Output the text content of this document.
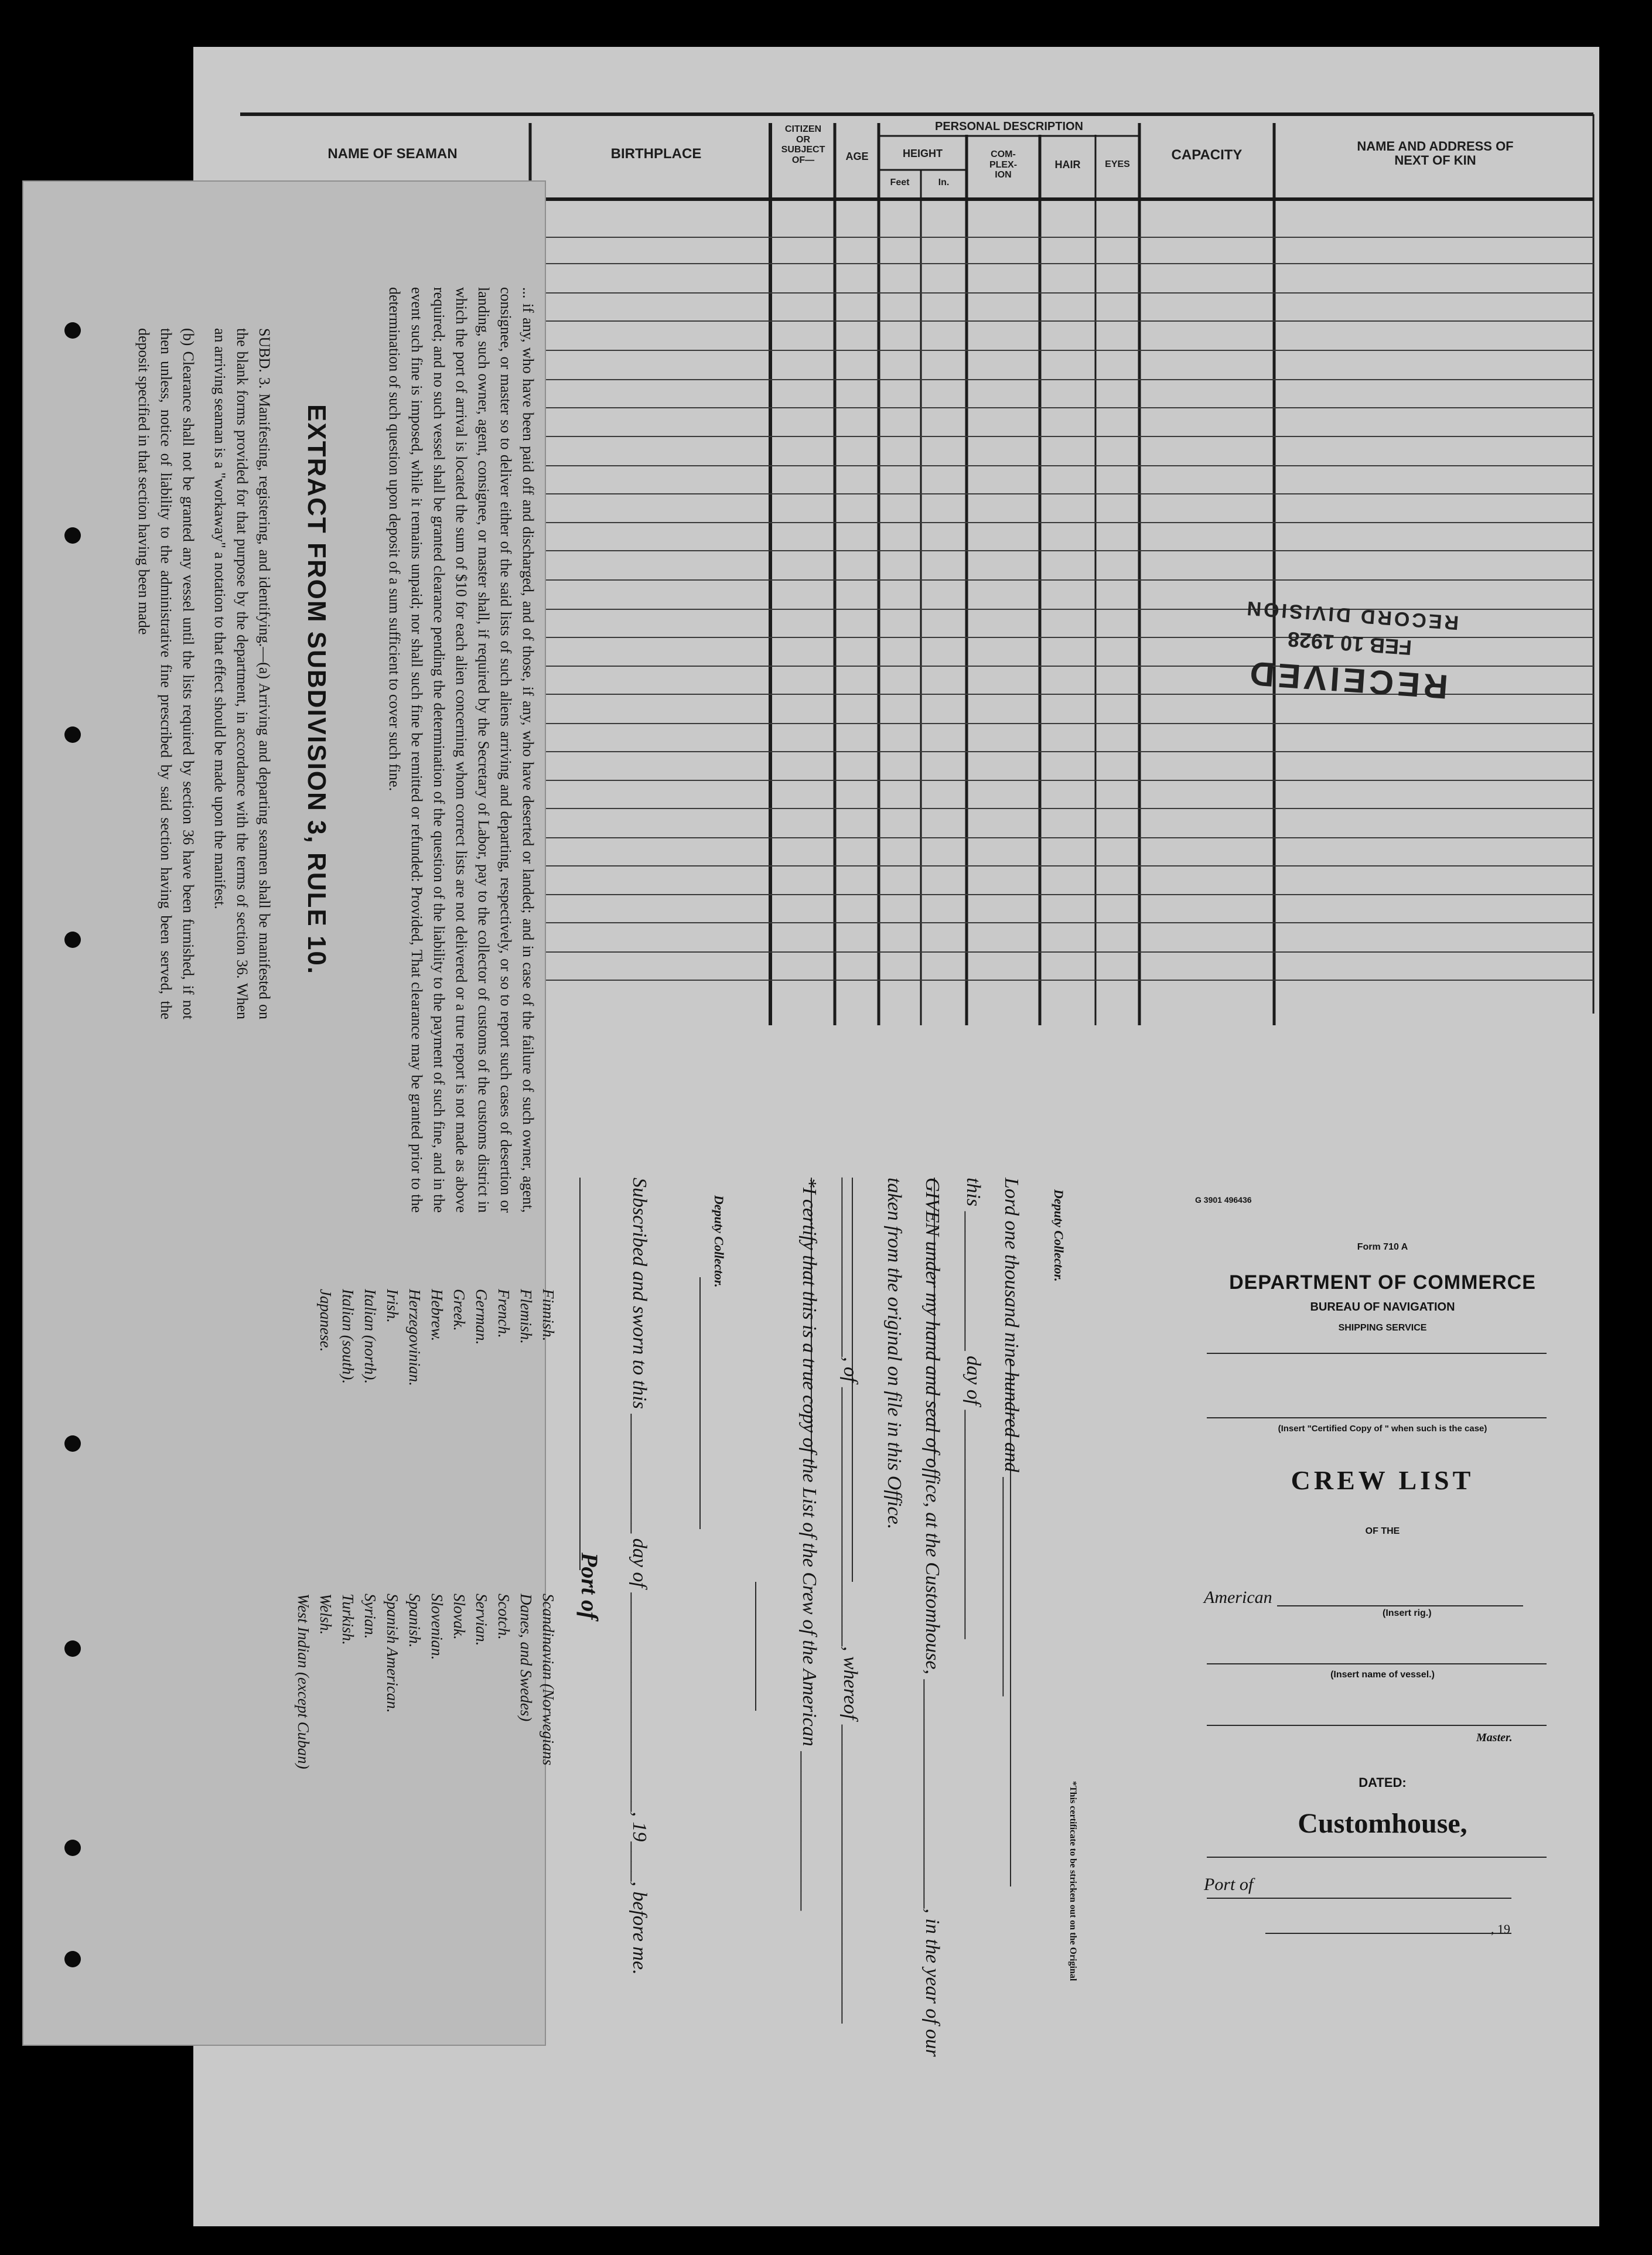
NAME OF SEAMAN	BIRTHPLACE
CITIZEN
OR
SUBJECT
OF—	AGE
PERSONAL DESCRIPTION
HEIGHT
Feet	In.
COM-
PLEX-
ION
HAIR	EYES
CAPACITY
NAME AND ADDRESS OF
NEXT OF KIN
RECEIVED
FEB 10 1928
RECORD DIVISION
EXTRACT FROM SUBDIVISION 3, RULE 10.
SUBD. 3. Manifesting, registering, and identifying.—(a) Arriving and departing seamen shall be manifested on the blank forms provided for that purpose by the department, in accordance with the terms of section 36. When an arriving seaman is a "workaway" a notation to that effect should be made upon the manifest.
(b) Clearance shall not be granted any vessel until the lists required by section 36 have been furnished, if not then unless, notice of liability to the administrative fine prescribed by said section having been served, the deposit specified in that section having been made	... if any, who have been paid off and discharged, and of those, if any, who have deserted or landed; and in case of the failure of such owner, agent, consignee, or master so to deliver either of the said lists of such aliens arriving and departing, respectively, or so to report such cases of desertion or landing, such owner, agent, consignee, or master shall, if required by the Secretary of Labor, pay to the collector of customs of the customs district in which the port of arrival is located the sum of $10 for each alien concerning whom correct lists are not delivered or a true report is not made as above required; and no such vessel shall be granted clearance pending the determination of the question of the liability to the payment of such fine, and in the event such fine is imposed, while it remains unpaid; nor shall such fine be remitted or refunded: Provided, That clearance may be granted prior to the determination of such question upon deposit of a sum sufficient to cover such fine.
Finnish.
Flemish.
French.
German.
Greek.
Hebrew.
Herzegovinian.
Irish.
Italian (north).
Italian (south).
Japanese.
Scandinavian (Norwegians
Danes, and Swedes)
Scotch.
Servian.
Slovak.
Slovenian.
Spanish.
Spanish American.
Syrian.
Turkish.
Welsh.
West Indian (except Cuban)
Port of Subscribed and sworn to this ____________ day of ______________________, 19____, before me.	Deputy Collector.	*I certify that this is a true copy of the List of the Crew of the American ________________ __________________, of __________________________, whereof ______________________________ taken from the original on file in this Office. GIVEN under my hand and seal of office, at the Customhouse, _______________________, in the year of our this ______________ day of _______________________ Lord one thousand nine hundred and ______________________ Deputy Collector.
*This certificate to be stricken out on the Original
G 3901 496436
Form 710 A
DEPARTMENT OF COMMERCE
BUREAU OF NAVIGATION
SHIPPING SERVICE
(Insert "Certified Copy of " when such is the case)
CREW LIST
OF THE
American
(Insert rig.)
(Insert name of vessel.)
Master.
DATED:
Customhouse,
Port of
, 19
